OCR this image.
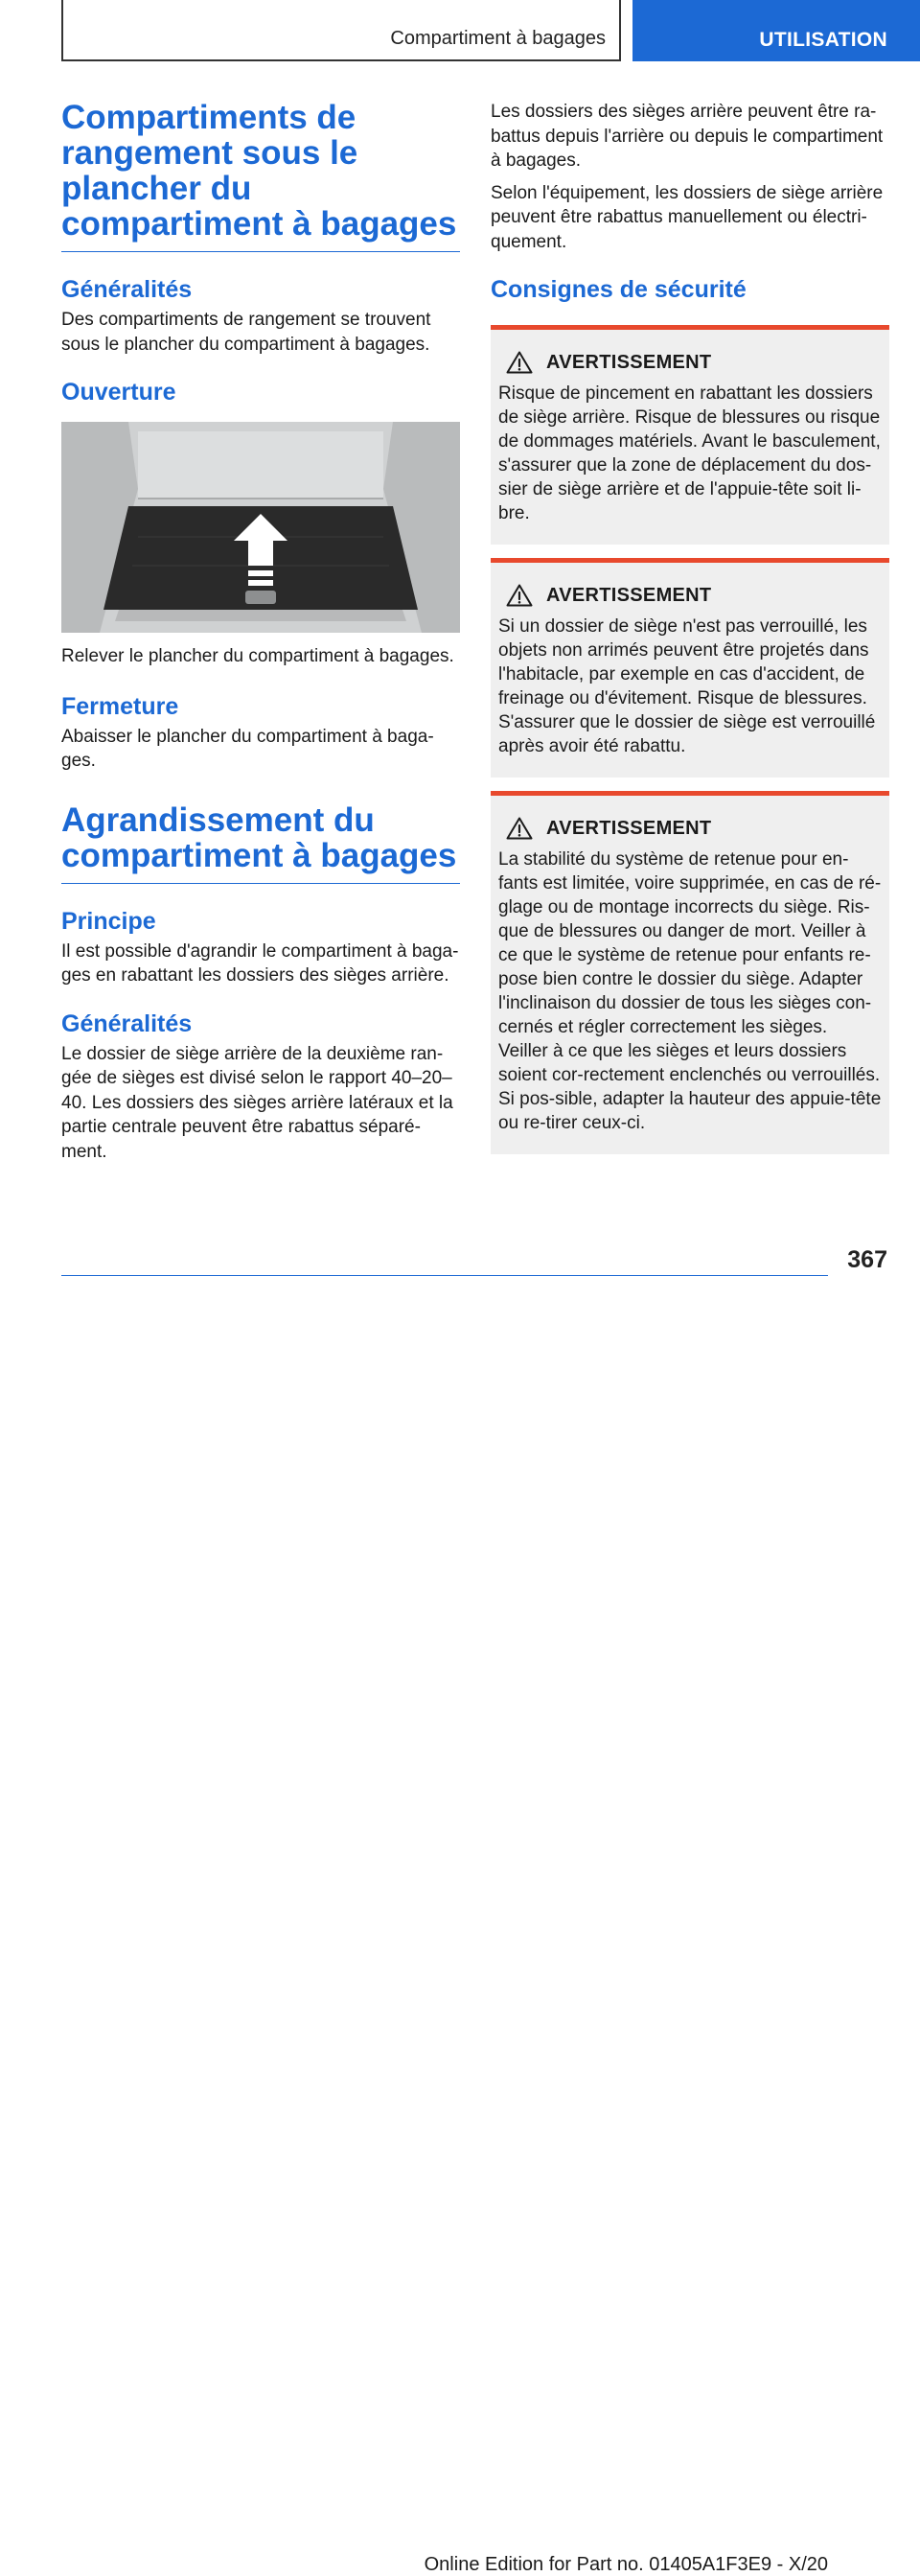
Compartiment à bagages	UTILISATION
Compartiments de rangement sous le plancher du compartiment à bagages
Généralités

Des compartiments de rangement se trouvent sous le plancher du compartiment à bagages.

Ouverture

Relever le plancher du compartiment à bagages.

Fermeture

Abaisser le plancher du compartiment à baga-ges.

Agrandissement du compartiment à bagages
Principe

Il est possible d'agrandir le compartiment à baga-ges en rabattant les dossiers des sièges arrière.

Généralités

Le dossier de siège arrière de la deuxième ran-gée de sièges est divisé selon le rapport 40–20–40. Les dossiers des sièges arrière latéraux et la partie centrale peuvent être rabattus séparé-ment.

Les dossiers des sièges arrière peuvent être ra-battus depuis l'arrière ou depuis le compartiment à bagages.

Selon l'équipement, les dossiers de siège arrière peuvent être rabattus manuellement ou électri-quement.

Consignes de sécurité
AVERTISSEMENT

Risque de pincement en rabattant les dossiers de siège arrière. Risque de blessures ou risque de dommages matériels. Avant le basculement, s'assurer que la zone de déplacement du dos-sier de siège arrière et de l'appuie-tête soit li-bre.

AVERTISSEMENT

Si un dossier de siège n'est pas verrouillé, les objets non arrimés peuvent être projetés dans l'habitacle, par exemple en cas d'accident, de freinage ou d'évitement. Risque de blessures. S'assurer que le dossier de siège est verrouillé après avoir été rabattu.

AVERTISSEMENT

La stabilité du système de retenue pour en-fants est limitée, voire supprimée, en cas de ré-glage ou de montage incorrects du siège. Ris-que de blessures ou danger de mort. Veiller à ce que le système de retenue pour enfants re-pose bien contre le dossier du siège. Adapter l'inclinaison du dossier de tous les sièges con-cernés et régler correctement les sièges. Veiller à ce que les sièges et leurs dossiers soient cor-rectement enclenchés ou verrouillés. Si pos-sible, adapter la hauteur des appuie-tête ou re-tirer ceux-ci.

367
Online Edition for Part no. 01405A1F3E9 - X/20
